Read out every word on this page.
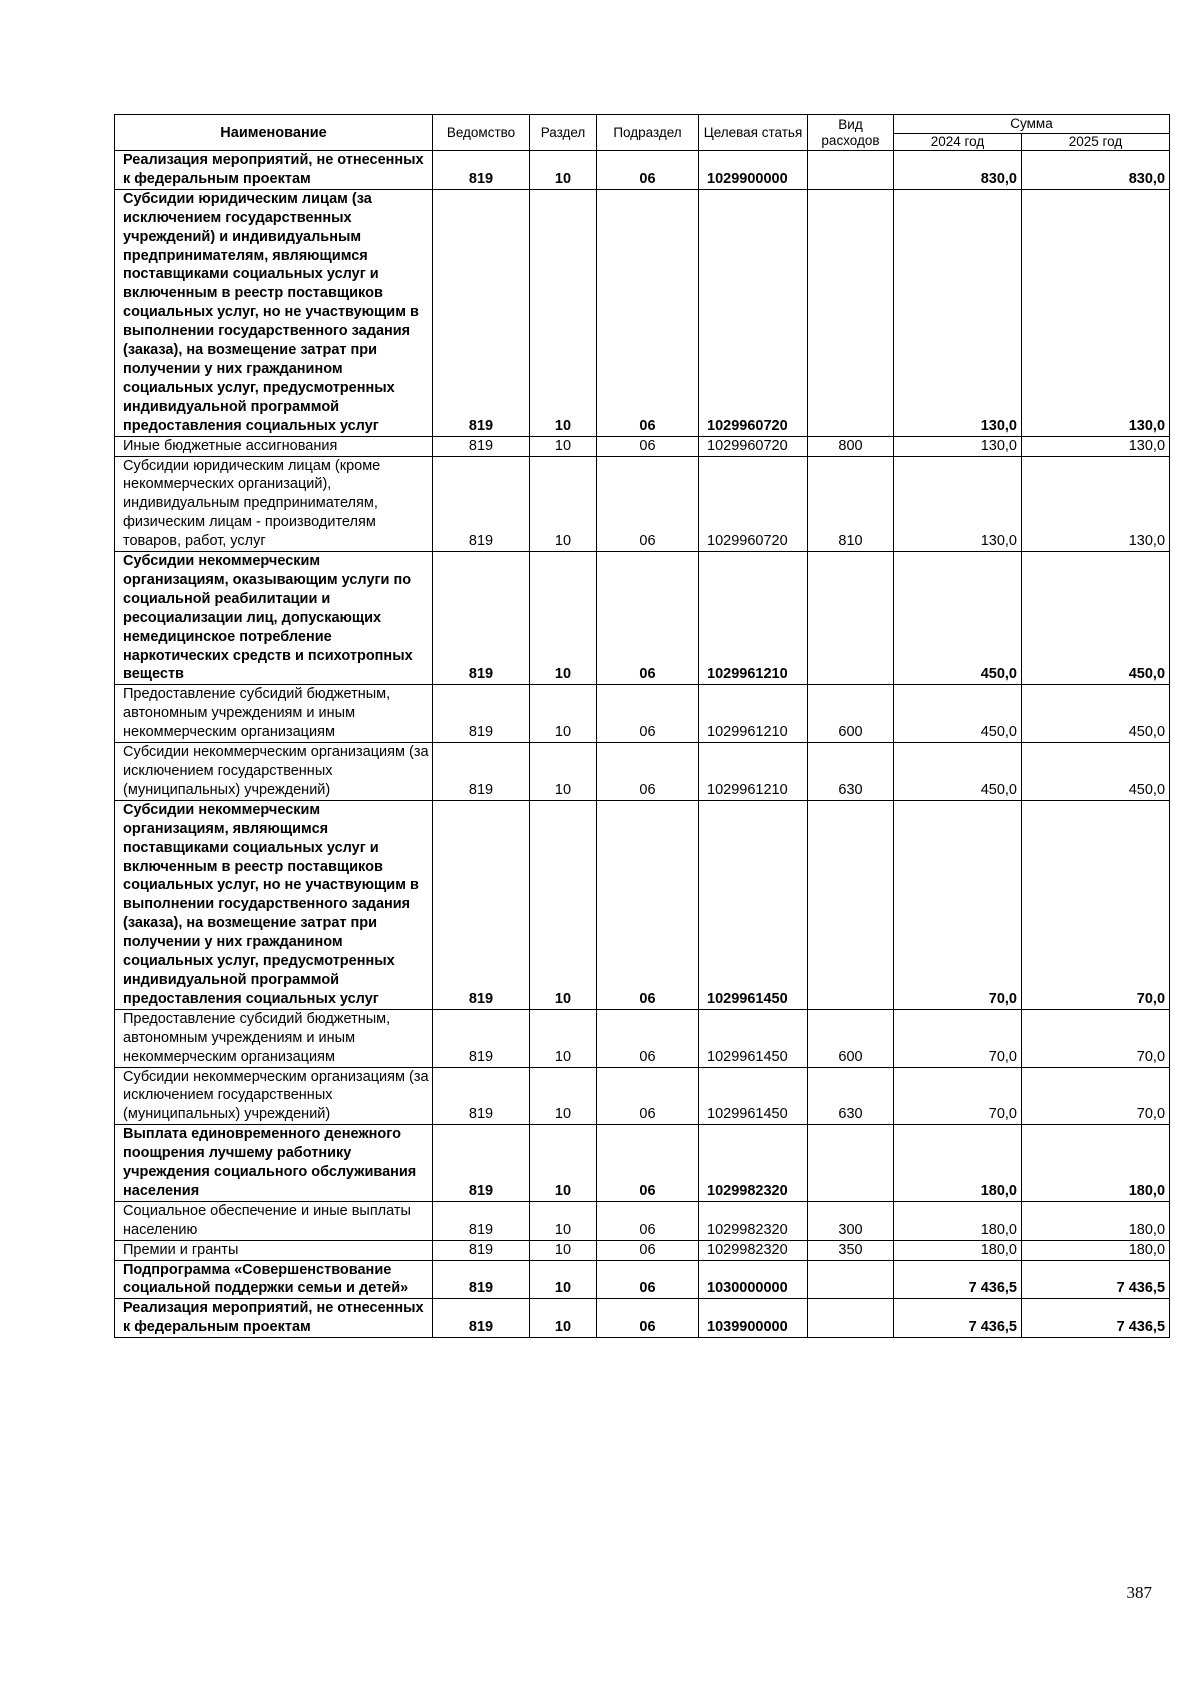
Наименование	Ведомство	Раздел	Подраздел	Целевая статья	Вид расходов	Сумма	
						2024 год	2025 год
Реализация мероприятий, не отнесенных к федеральным проектам	819	10	06	1029900000		830,0	830,0
Субсидии юридическим лицам (за исключением государственных учреждений) и индивидуальным предпринимателям, являющимся поставщиками социальных услуг и включенным в реестр поставщиков социальных услуг, но не участвующим в выполнении государственного задания (заказа), на возмещение затрат при получении у них гражданином социальных услуг, предусмотренных индивидуальной программой предоставления социальных услуг	819	10	06	1029960720		130,0	130,0
Иные бюджетные ассигнования	819	10	06	1029960720	800	130,0	130,0
Субсидии юридическим лицам (кроме некоммерческих организаций), индивидуальным предпринимателям, физическим лицам - производителям товаров, работ, услуг	819	10	06	1029960720	810	130,0	130,0
Субсидии некоммерческим организациям, оказывающим услуги по социальной реабилитации и ресоциализации лиц, допускающих немедицинское потребление наркотических средств и психотропных веществ	819	10	06	1029961210		450,0	450,0
Предоставление субсидий бюджетным, автономным учреждениям и иным некоммерческим организациям	819	10	06	1029961210	600	450,0	450,0
Субсидии некоммерческим организациям (за исключением государственных (муниципальных) учреждений)	819	10	06	1029961210	630	450,0	450,0
Субсидии некоммерческим организациям, являющимся поставщиками социальных услуг и включенным в реестр поставщиков социальных услуг, но не участвующим в выполнении государственного задания (заказа), на возмещение затрат при получении у них гражданином социальных услуг, предусмотренных индивидуальной программой предоставления социальных услуг	819	10	06	1029961450		70,0	70,0
Предоставление субсидий бюджетным, автономным учреждениям и иным некоммерческим организациям	819	10	06	1029961450	600	70,0	70,0
Субсидии некоммерческим организациям (за исключением государственных (муниципальных) учреждений)	819	10	06	1029961450	630	70,0	70,0
Выплата единовременного денежного поощрения лучшему работнику учреждения социального обслуживания населения	819	10	06	1029982320		180,0	180,0
Социальное обеспечение и иные выплаты населению	819	10	06	1029982320	300	180,0	180,0
Премии и гранты	819	10	06	1029982320	350	180,0	180,0
Подпрограмма «Совершенствование социальной поддержки семьи и детей»	819	10	06	1030000000		7 436,5	7 436,5
Реализация мероприятий, не отнесенных к федеральным проектам	819	10	06	1039900000		7 436,5	7 436,5
387
